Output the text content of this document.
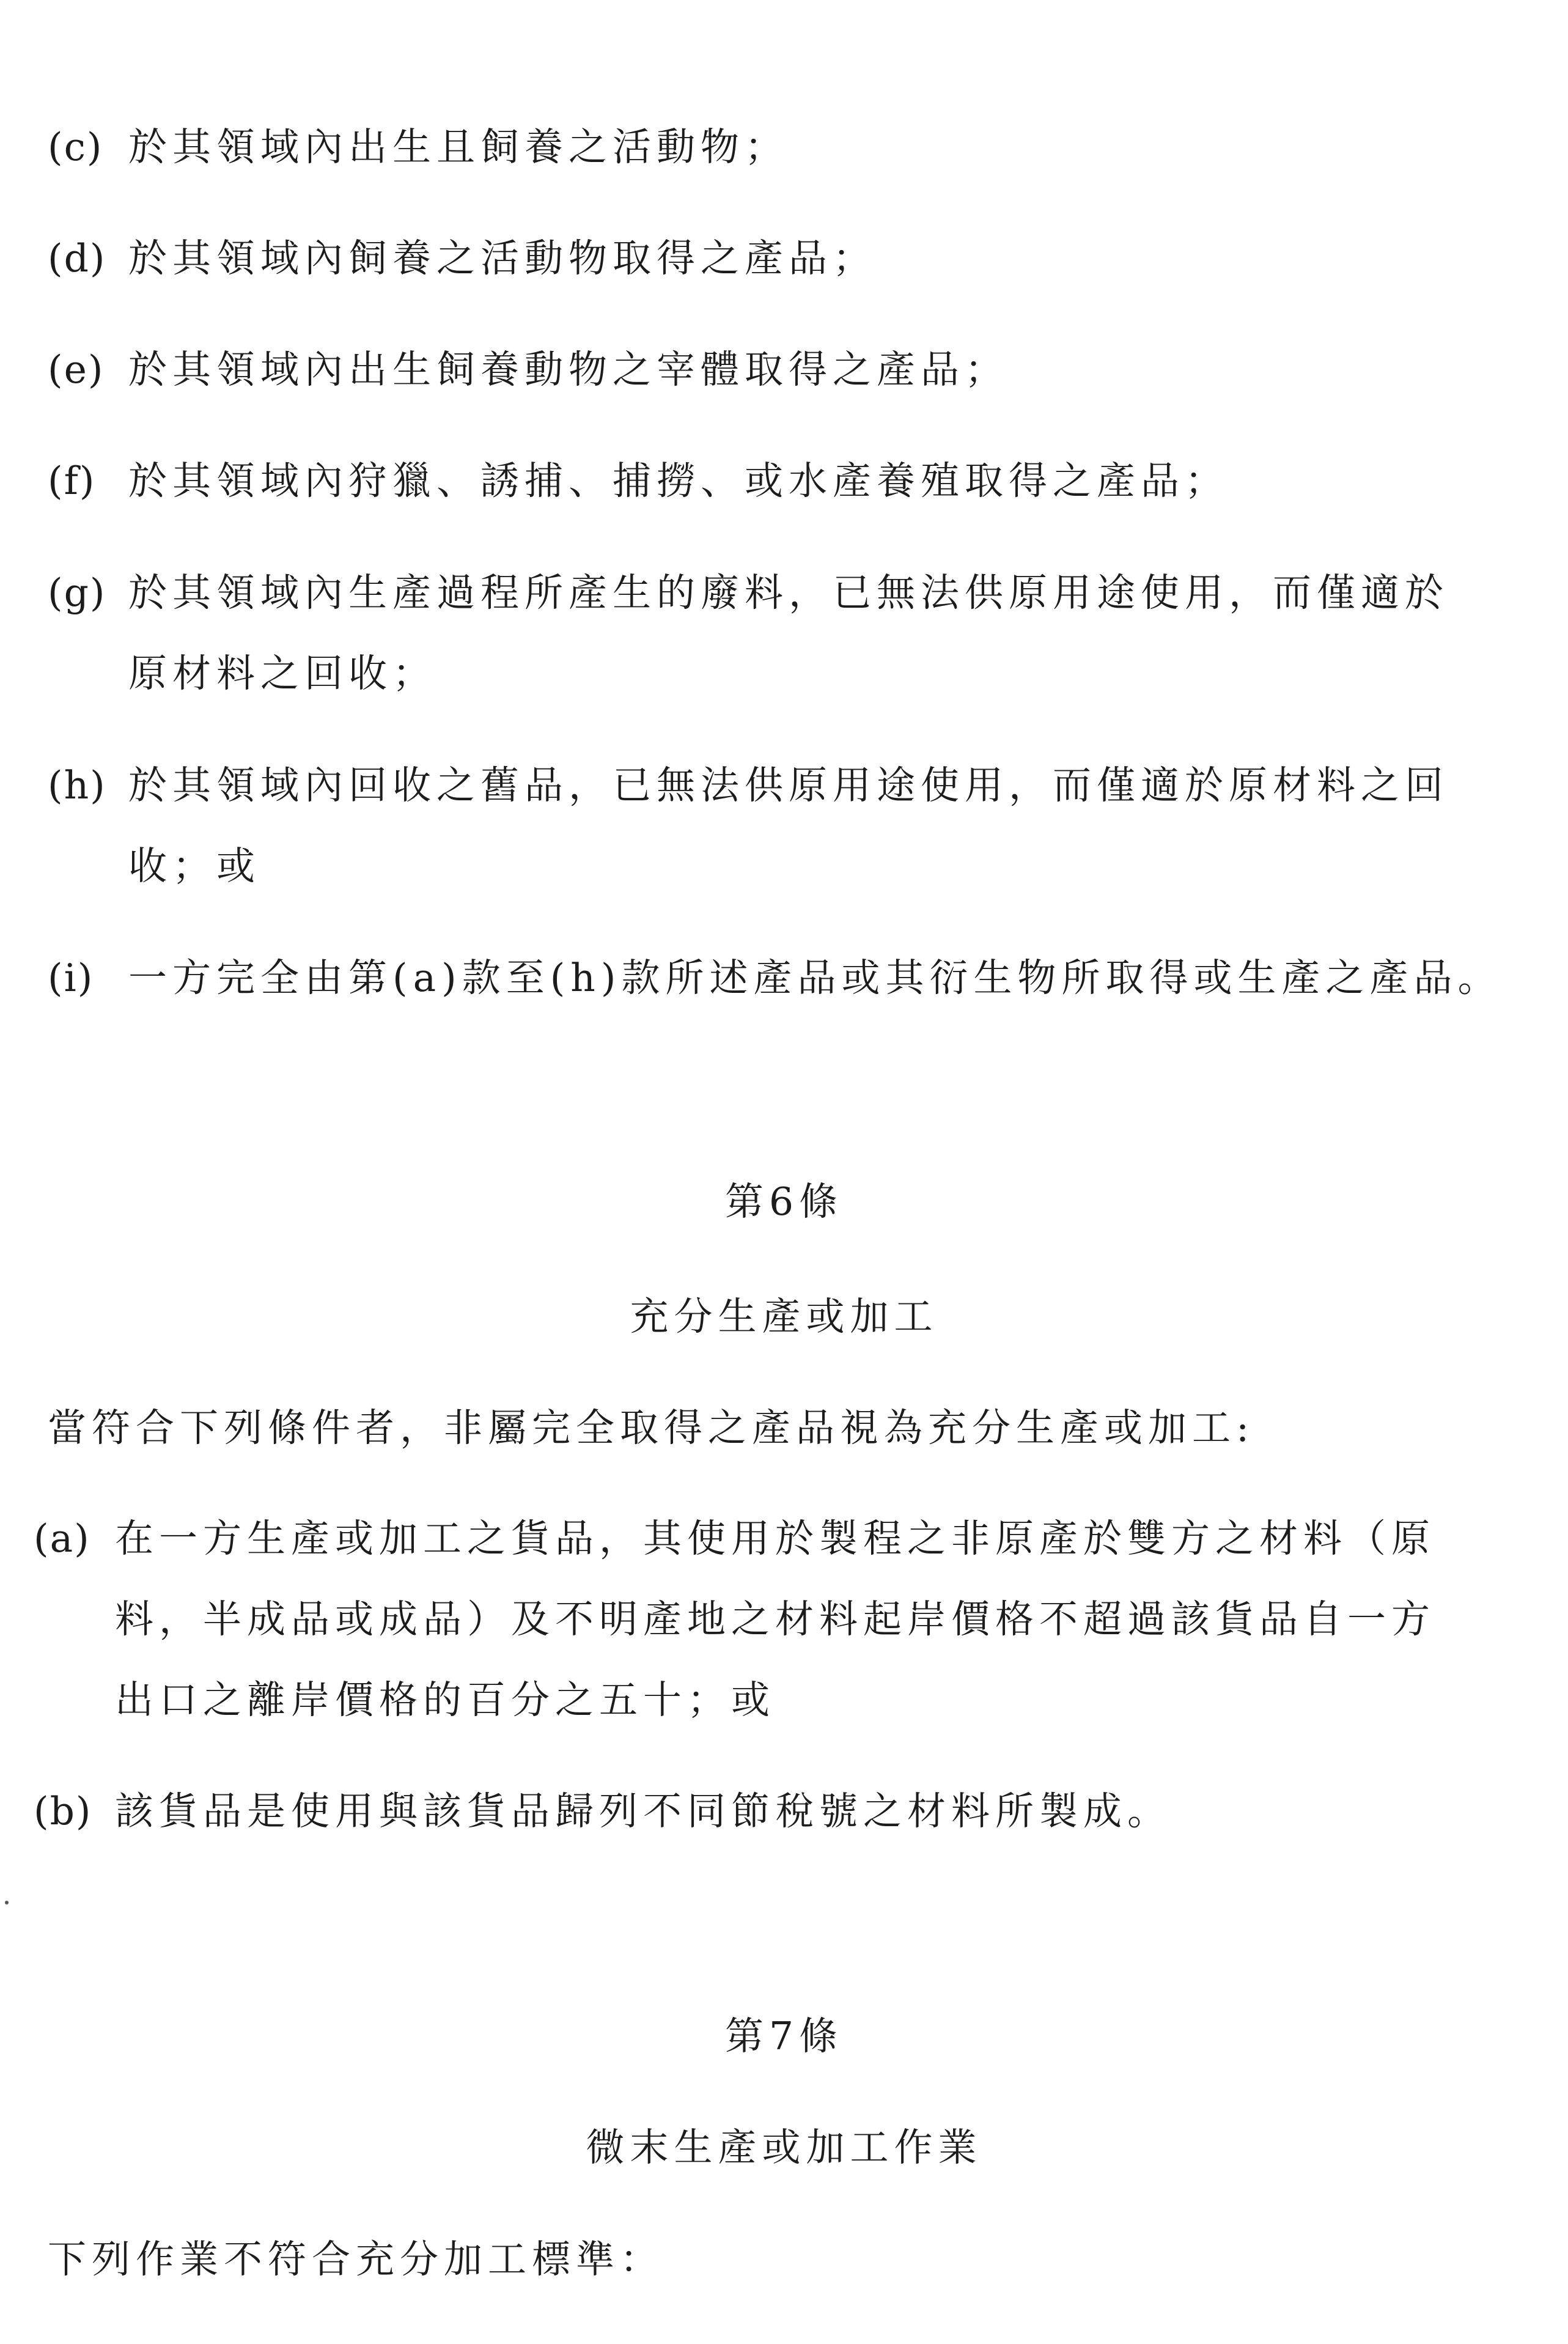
(c) 於其領域內出生且飼養之活動物；
(d) 於其領域內飼養之活動物取得之產品；
(e) 於其領域內出生飼養動物之宰體取得之產品；
(f) 於其領域內狩獵、誘捕、捕撈、或水產養殖取得之產品；
(g) 於其領域內生產過程所產生的廢料，已無法供原用途使用，而僅適於
原材料之回收；
(h) 於其領域內回收之舊品，已無法供原用途使用，而僅適於原材料之回
收；或
(i) 一方完全由第(a)款至(h)款所述產品或其衍生物所取得或生產之產品。
第6條
充分生產或加工
當符合下列條件者，非屬完全取得之產品視為充分生產或加工:
(a) 在一方生產或加工之貨品，其使用於製程之非原產於雙方之材料（原
料，半成品或成品）及不明產地之材料起岸價格不超過該貨品自一方
出口之離岸價格的百分之五十；或
(b) 該貨品是使用與該貨品歸列不同節稅號之材料所製成。
第7條
微末生產或加工作業
下列作業不符合充分加工標準：
